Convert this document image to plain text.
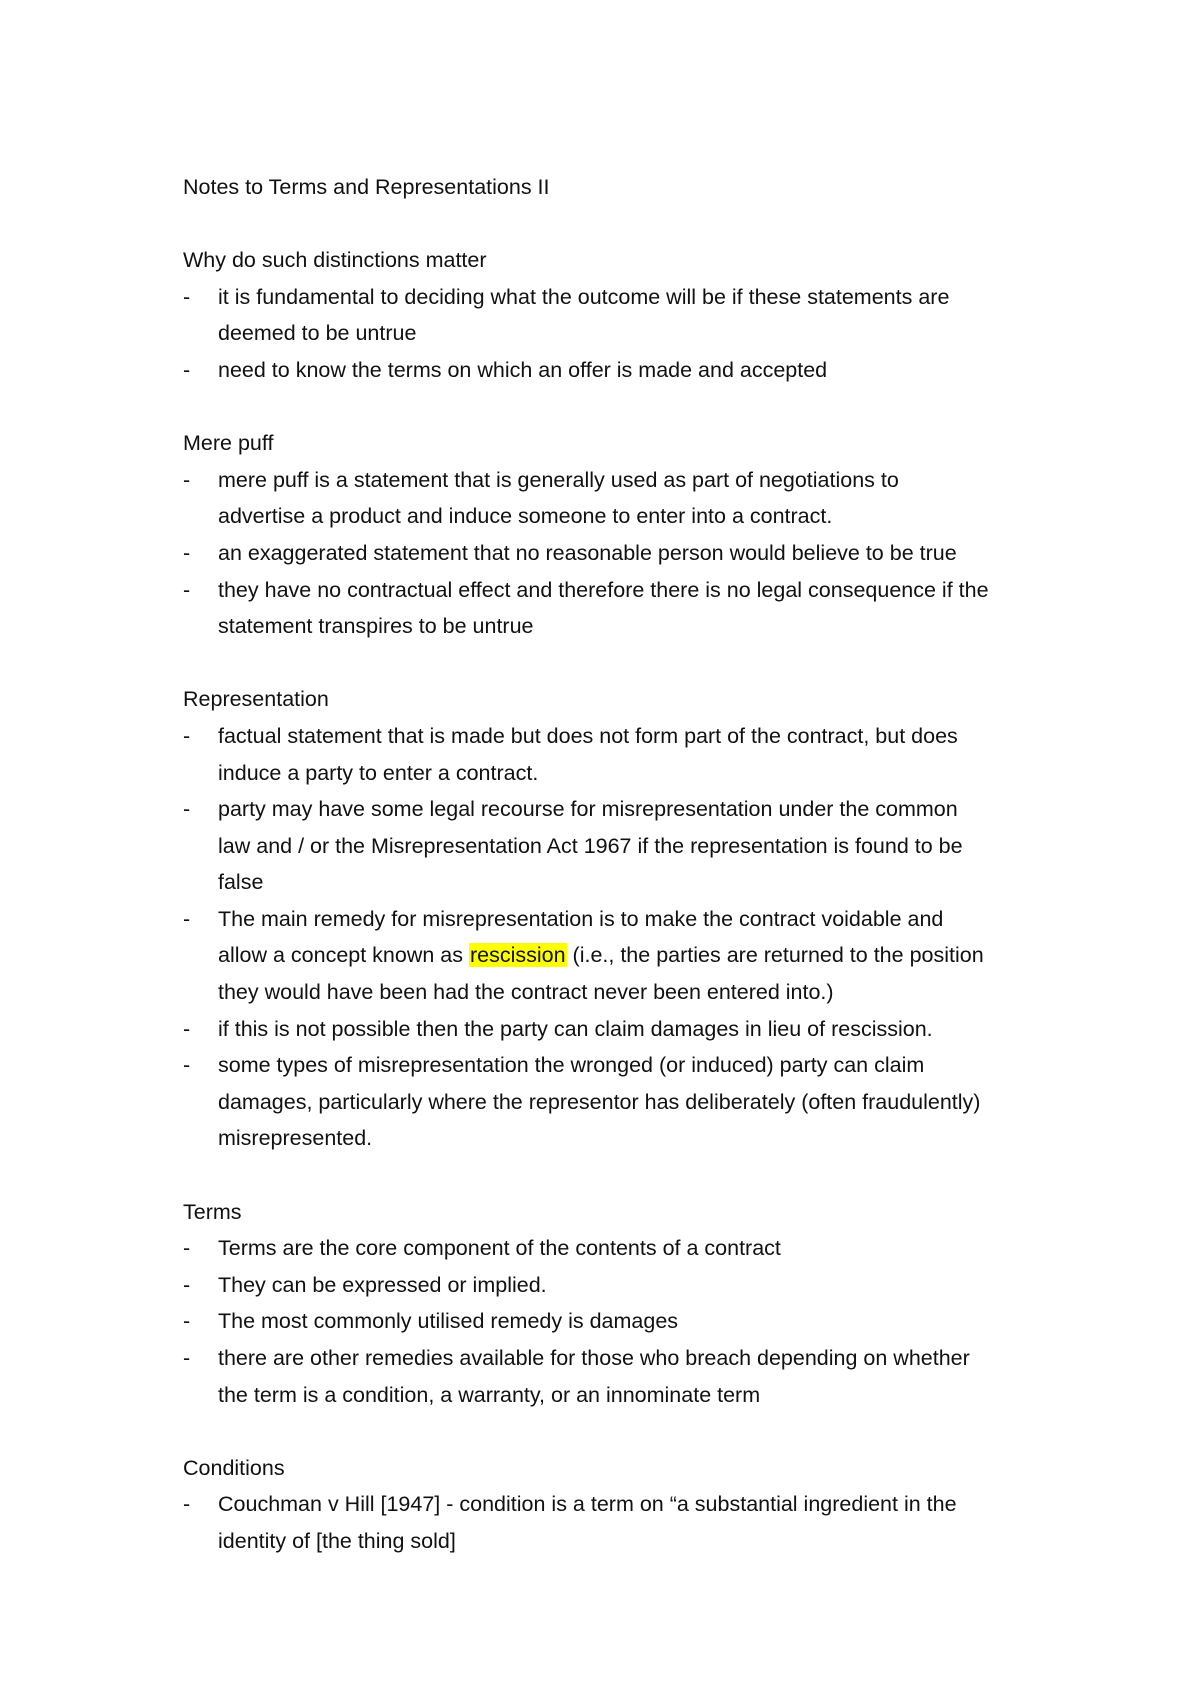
Notes to Terms and Representations II

Why do such distinctions matter

- it is fundamental to deciding what the outcome will be if these statements are
deemed to be untrue
- need to know the terms on which an offer is made and accepted

Mere puff

- mere puff is a statement that is generally used as part of negotiations to
advertise a product and induce someone to enter into a contract.
- an exaggerated statement that no reasonable person would believe to be true
- they have no contractual effect and therefore there is no legal consequence if the
statement transpires to be untrue

Representation

- factual statement that is made but does not form part of the contract, but does
induce a party to enter a contract.
- party may have some legal recourse for misrepresentation under the common
law and / or the Misrepresentation Act 1967 if the representation is found to be
false
- The main remedy for misrepresentation is to make the contract voidable and
allow a concept known as rescission (i.e., the parties are returned to the position
they would have been had the contract never been entered into.)
- if this is not possible then the party can claim damages in lieu of rescission.
- some types of misrepresentation the wronged (or induced) party can claim
damages, particularly where the representor has deliberately (often fraudulently)
misrepresented.

Terms

- Terms are the core component of the contents of a contract
- They can be expressed or implied.
- The most commonly utilised remedy is damages
- there are other remedies available for those who breach depending on whether
the term is a condition, a warranty, or an innominate term

Conditions

- Couchman v Hill [1947] - condition is a term on “a substantial ingredient in the
identity of [the thing sold]
